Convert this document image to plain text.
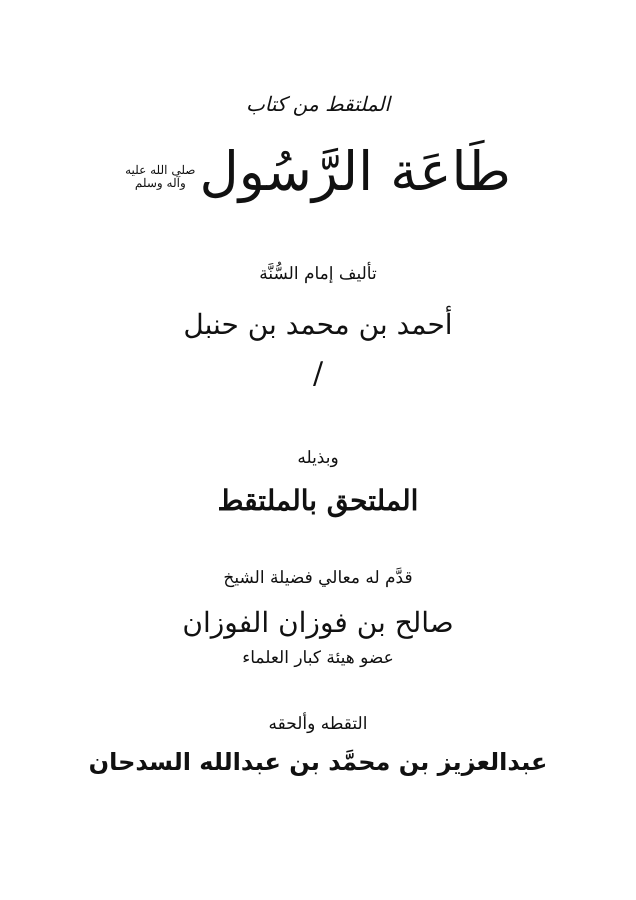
الملتقط من كتاب
طَاعَة الرَّسُول
صلى الله عليه
وآله وسلم
تأليف إمام السُّنَّة
أحمد بن محمد بن حنبل
/
وبذيله
الملتحق بالملتقط
قدَّم له معالي فضيلة الشيخ
صالح بن فوزان الفوزان
عضو هيئة كبار العلماء
التقطه وألحقه
عبدالعزيز بن محمَّد بن عبدالله السدحان
